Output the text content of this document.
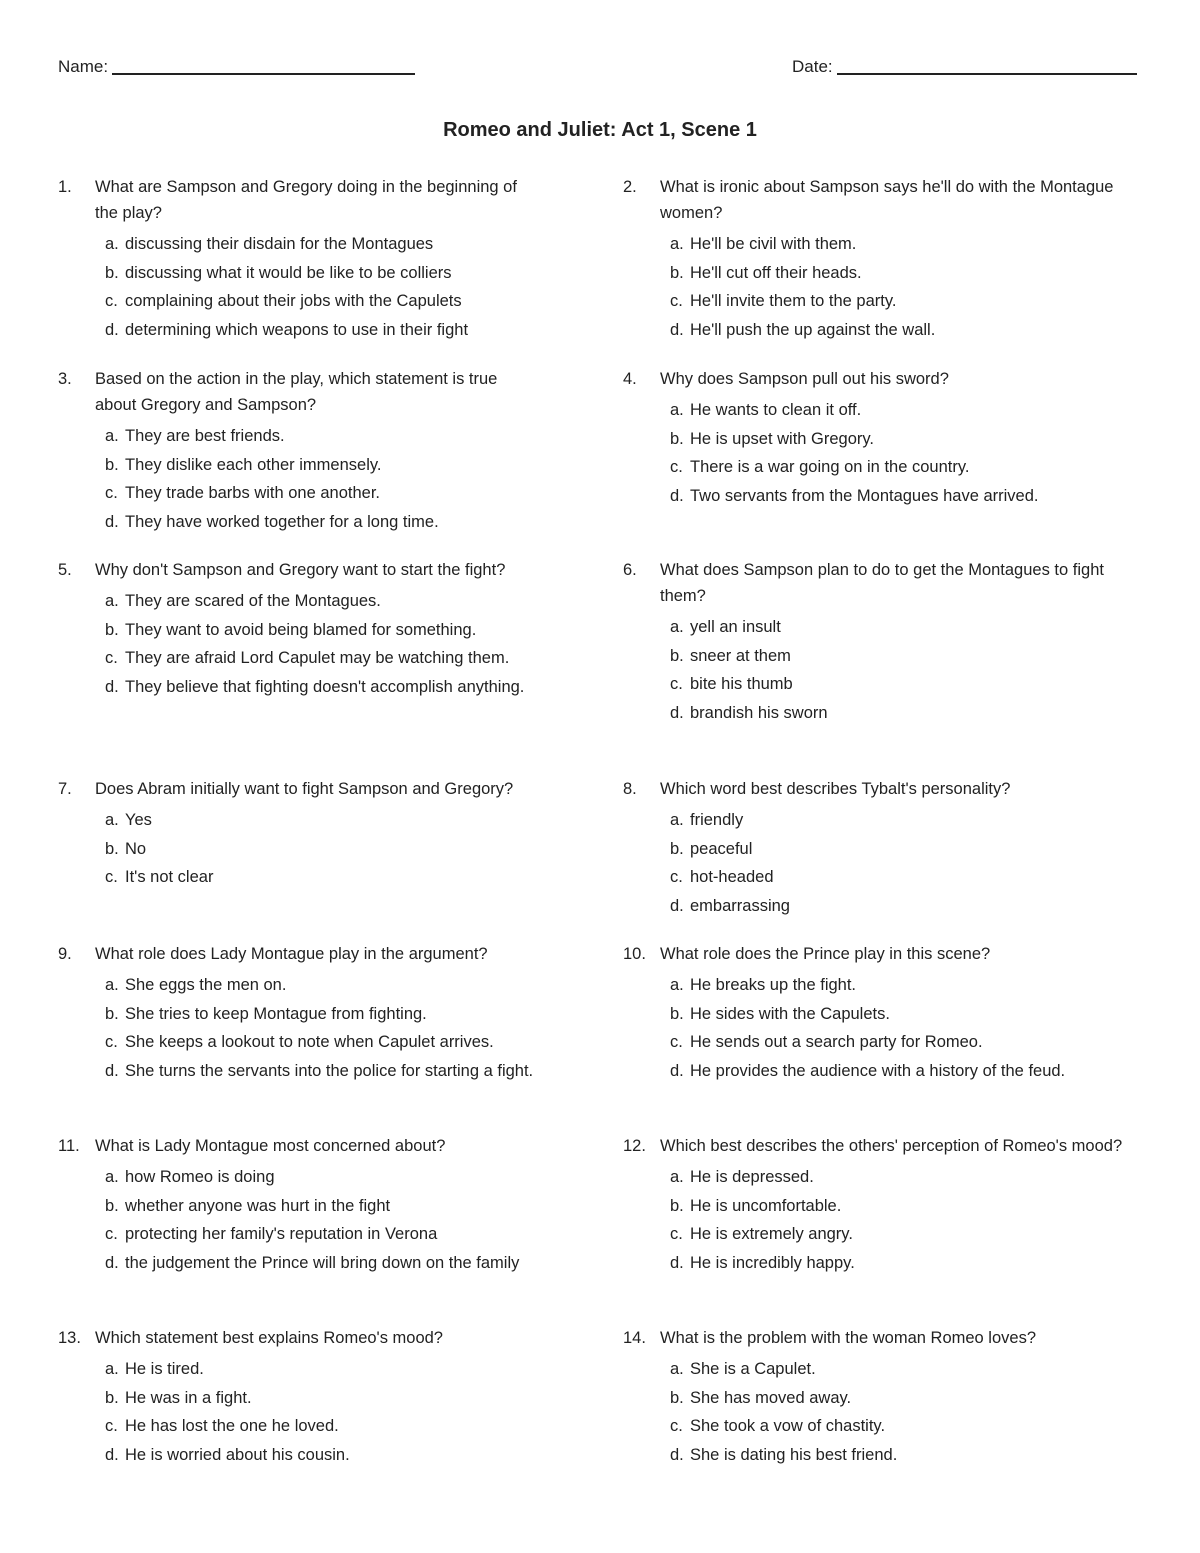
Name:	Date:
Romeo and Juliet: Act 1, Scene 1
1.	What are Sampson and Gregory doing in the beginning of the play?
a. discussing their disdain for the Montagues
b. discussing what it would be like to be colliers
c. complaining about their jobs with the Capulets
d. determining which weapons to use in their fight
2.	What is ironic about Sampson says he'll do with the Montague women?
a. He'll be civil with them.
b. He'll cut off their heads.
c. He'll invite them to the party.
d. He'll push the up against the wall.
3.	Based on the action in the play, which statement is true about Gregory and Sampson?
a. They are best friends.
b. They dislike each other immensely.
c. They trade barbs with one another.
d. They have worked together for a long time.
4.	Why does Sampson pull out his sword?
a. He wants to clean it off.
b. He is upset with Gregory.
c. There is a war going on in the country.
d. Two servants from the Montagues have arrived.
5.	Why don't Sampson and Gregory want to start the fight?
a. They are scared of the Montagues.
b. They want to avoid being blamed for something.
c. They are afraid Lord Capulet may be watching them.
d. They believe that fighting doesn't accomplish anything.
6.	What does Sampson plan to do to get the Montagues to fight them?
a. yell an insult
b. sneer at them
c. bite his thumb
d. brandish his sworn
7.	Does Abram initially want to fight Sampson and Gregory?
a. Yes
b. No
c. It's not clear
8.	Which word best describes Tybalt's personality?
a. friendly
b. peaceful
c. hot-headed
d. embarrassing
9.	What role does Lady Montague play in the argument?
a. She eggs the men on.
b. She tries to keep Montague from fighting.
c. She keeps a lookout to note when Capulet arrives.
d. She turns the servants into the police for starting a fight.
10. What role does the Prince play in this scene?
a. He breaks up the fight.
b. He sides with the Capulets.
c. He sends out a search party for Romeo.
d. He provides the audience with a history of the feud.
11. What is Lady Montague most concerned about?
a. how Romeo is doing
b. whether anyone was hurt in the fight
c. protecting her family's reputation in Verona
d. the judgement the Prince will bring down on the family
12. Which best describes the others' perception of Romeo's mood?
a. He is depressed.
b. He is uncomfortable.
c. He is extremely angry.
d. He is incredibly happy.
13. Which statement best explains Romeo's mood?
a. He is tired.
b. He was in a fight.
c. He has lost the one he loved.
d. He is worried about his cousin.
14. What is the problem with the woman Romeo loves?
a. She is a Capulet.
b. She has moved away.
c. She took a vow of chastity.
d. She is dating his best friend.
